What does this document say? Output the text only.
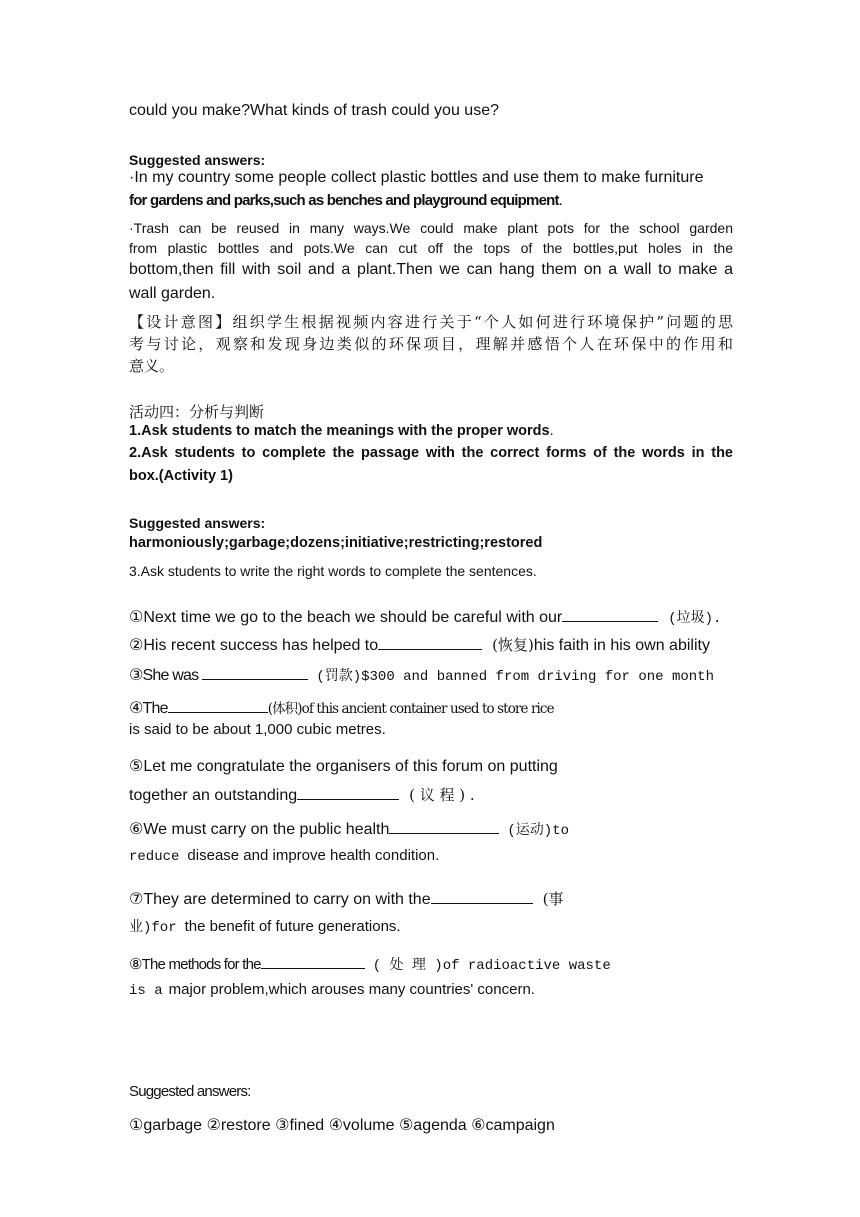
could you make?What kinds of trash could you use?
Suggested answers:
·In my country some people collect plastic bottles and use them to make furniture
for gardens and parks,such as benches and playground equipment.
·Trash can be reused in many ways.We could make plant pots for the school garden
from plastic bottles and pots.We can cut off the tops of the bottles,put holes in the
bottom,then fill with soil and a plant.Then we can hang them on a wall to make a
wall garden.
【设计意图】组织学生根据视频内容进行关于“个人如何进行环境保护”问题的思
考与讨论，观察和发现身边类似的环保项目，理解并感悟个人在环保中的作用和
意义。
活动四：分析与判断
1.Ask students to match the meanings with the proper words.
2.Ask students to complete the passage with the correct forms of the words in the
box.(Activity 1)
Suggested answers:
harmoniously;garbage;dozens;initiative;restricting;restored
3.Ask students to write the right words to complete the sentences.
①Next time we go to the beach we should be careful with our	(垃圾).
②His recent success has helped to	(恢复)his faith in his own ability
③She was	(罚款)$300 and banned from driving for one month
④The	(体积)of this ancient container used to store rice
is said to be about 1,000 cubic metres.
⑤Let me congratulate the organisers of this forum on putting
together an outstanding	( 议 程 ) .
⑥We must carry on the public health	(运动)to
reduce disease and improve health condition.
⑦They are determined to carry on with the	(事
业)for the benefit of future generations.
⑧The methods for the	( 处 理 )of radioactive waste
is a major problem,which arouses many countries' concern.
Suggested answers:
①garbage ②restore ③fined ④volume ⑤agenda ⑥campaign
